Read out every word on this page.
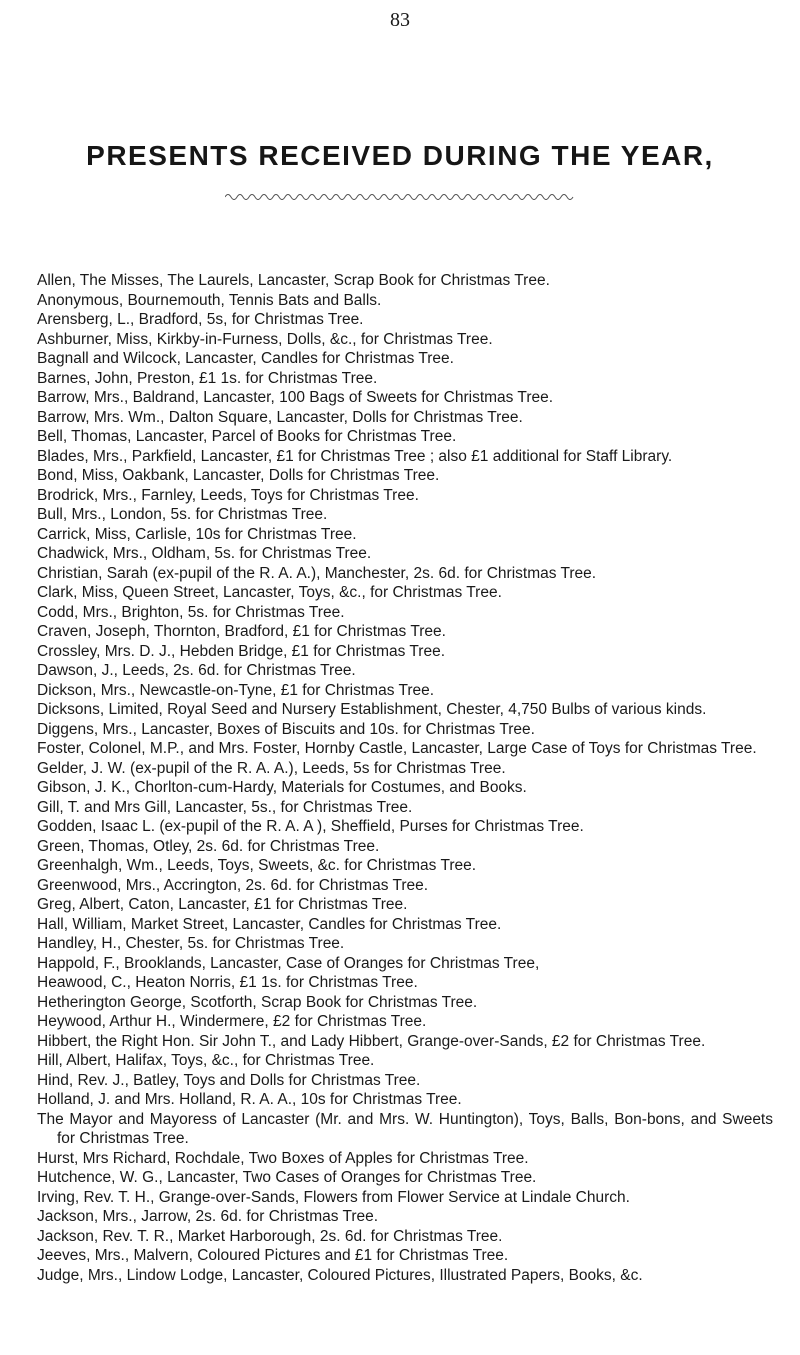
83
PRESENTS RECEIVED DURING THE YEAR,

Allen, The Misses, The Laurels, Lancaster, Scrap Book for Christmas Tree.

Anonymous, Bournemouth, Tennis Bats and Balls.

Arensberg, L., Bradford, 5s, for Christmas Tree.

Ashburner, Miss, Kirkby-in-Furness, Dolls, &c., for Christmas Tree.

Bagnall and Wilcock, Lancaster, Candles for Christmas Tree.

Barnes, John, Preston, £1 1s. for Christmas Tree.

Barrow, Mrs., Baldrand, Lancaster, 100 Bags of Sweets for Christmas Tree.

Barrow, Mrs. Wm., Dalton Square, Lancaster, Dolls for Christmas Tree.

Bell, Thomas, Lancaster, Parcel of Books for Christmas Tree.

Blades, Mrs., Parkfield, Lancaster, £1 for Christmas Tree ; also £1 additional for Staff Library.

Bond, Miss, Oakbank, Lancaster, Dolls for Christmas Tree.

Brodrick, Mrs., Farnley, Leeds, Toys for Christmas Tree.

Bull, Mrs., London, 5s. for Christmas Tree.

Carrick, Miss, Carlisle, 10s for Christmas Tree.

Chadwick, Mrs., Oldham, 5s. for Christmas Tree.

Christian, Sarah (ex-pupil of the R. A. A.), Manchester, 2s. 6d. for Christmas Tree.

Clark, Miss, Queen Street, Lancaster, Toys, &c., for Christmas Tree.

Codd, Mrs., Brighton, 5s. for Christmas Tree.

Craven, Joseph, Thornton, Bradford, £1 for Christmas Tree.

Crossley, Mrs. D. J., Hebden Bridge, £1 for Christmas Tree.

Dawson, J., Leeds, 2s. 6d. for Christmas Tree.

Dickson, Mrs., Newcastle-on-Tyne, £1 for Christmas Tree.

Dicksons, Limited, Royal Seed and Nursery Establishment, Chester, 4,750 Bulbs of various kinds.

Diggens, Mrs., Lancaster, Boxes of Biscuits and 10s. for Christmas Tree.

Foster, Colonel, M.P., and Mrs. Foster, Hornby Castle, Lancaster, Large Case of Toys for Christmas Tree.

Gelder, J. W. (ex-pupil of the R. A. A.), Leeds, 5s for Christmas Tree.

Gibson, J. K., Chorlton-cum-Hardy, Materials for Costumes, and Books.

Gill, T. and Mrs Gill, Lancaster, 5s., for Christmas Tree.

Godden, Isaac L. (ex-pupil of the R. A. A ), Sheffield, Purses for Christmas Tree.

Green, Thomas, Otley, 2s. 6d. for Christmas Tree.

Greenhalgh, Wm., Leeds, Toys, Sweets, &c. for Christmas Tree.

Greenwood, Mrs., Accrington, 2s. 6d. for Christmas Tree.

Greg, Albert, Caton, Lancaster, £1 for Christmas Tree.

Hall, William, Market Street, Lancaster, Candles for Christmas Tree.

Handley, H., Chester, 5s. for Christmas Tree.

Happold, F., Brooklands, Lancaster, Case of Oranges for Christmas Tree,

Heawood, C., Heaton Norris, £1 1s. for Christmas Tree.

Hetherington George, Scotforth, Scrap Book for Christmas Tree.

Heywood, Arthur H., Windermere, £2 for Christmas Tree.

Hibbert, the Right Hon. Sir John T., and Lady Hibbert, Grange-over-Sands, £2 for Christmas Tree.

Hill, Albert, Halifax, Toys, &c., for Christmas Tree.

Hind, Rev. J., Batley, Toys and Dolls for Christmas Tree.

Holland, J. and Mrs. Holland, R. A. A., 10s for Christmas Tree.

The Mayor and Mayoress of Lancaster (Mr. and Mrs. W. Huntington), Toys, Balls, Bon-bons, and Sweets for Christmas Tree.

Hurst, Mrs Richard, Rochdale, Two Boxes of Apples for Christmas Tree.

Hutchence, W. G., Lancaster, Two Cases of Oranges for Christmas Tree.

Irving, Rev. T. H., Grange-over-Sands, Flowers from Flower Service at Lindale Church.

Jackson, Mrs., Jarrow, 2s. 6d. for Christmas Tree.

Jackson, Rev. T. R., Market Harborough, 2s. 6d. for Christmas Tree.

Jeeves, Mrs., Malvern, Coloured Pictures and £1 for Christmas Tree.

Judge, Mrs., Lindow Lodge, Lancaster, Coloured Pictures, Illustrated Papers, Books, &c.
